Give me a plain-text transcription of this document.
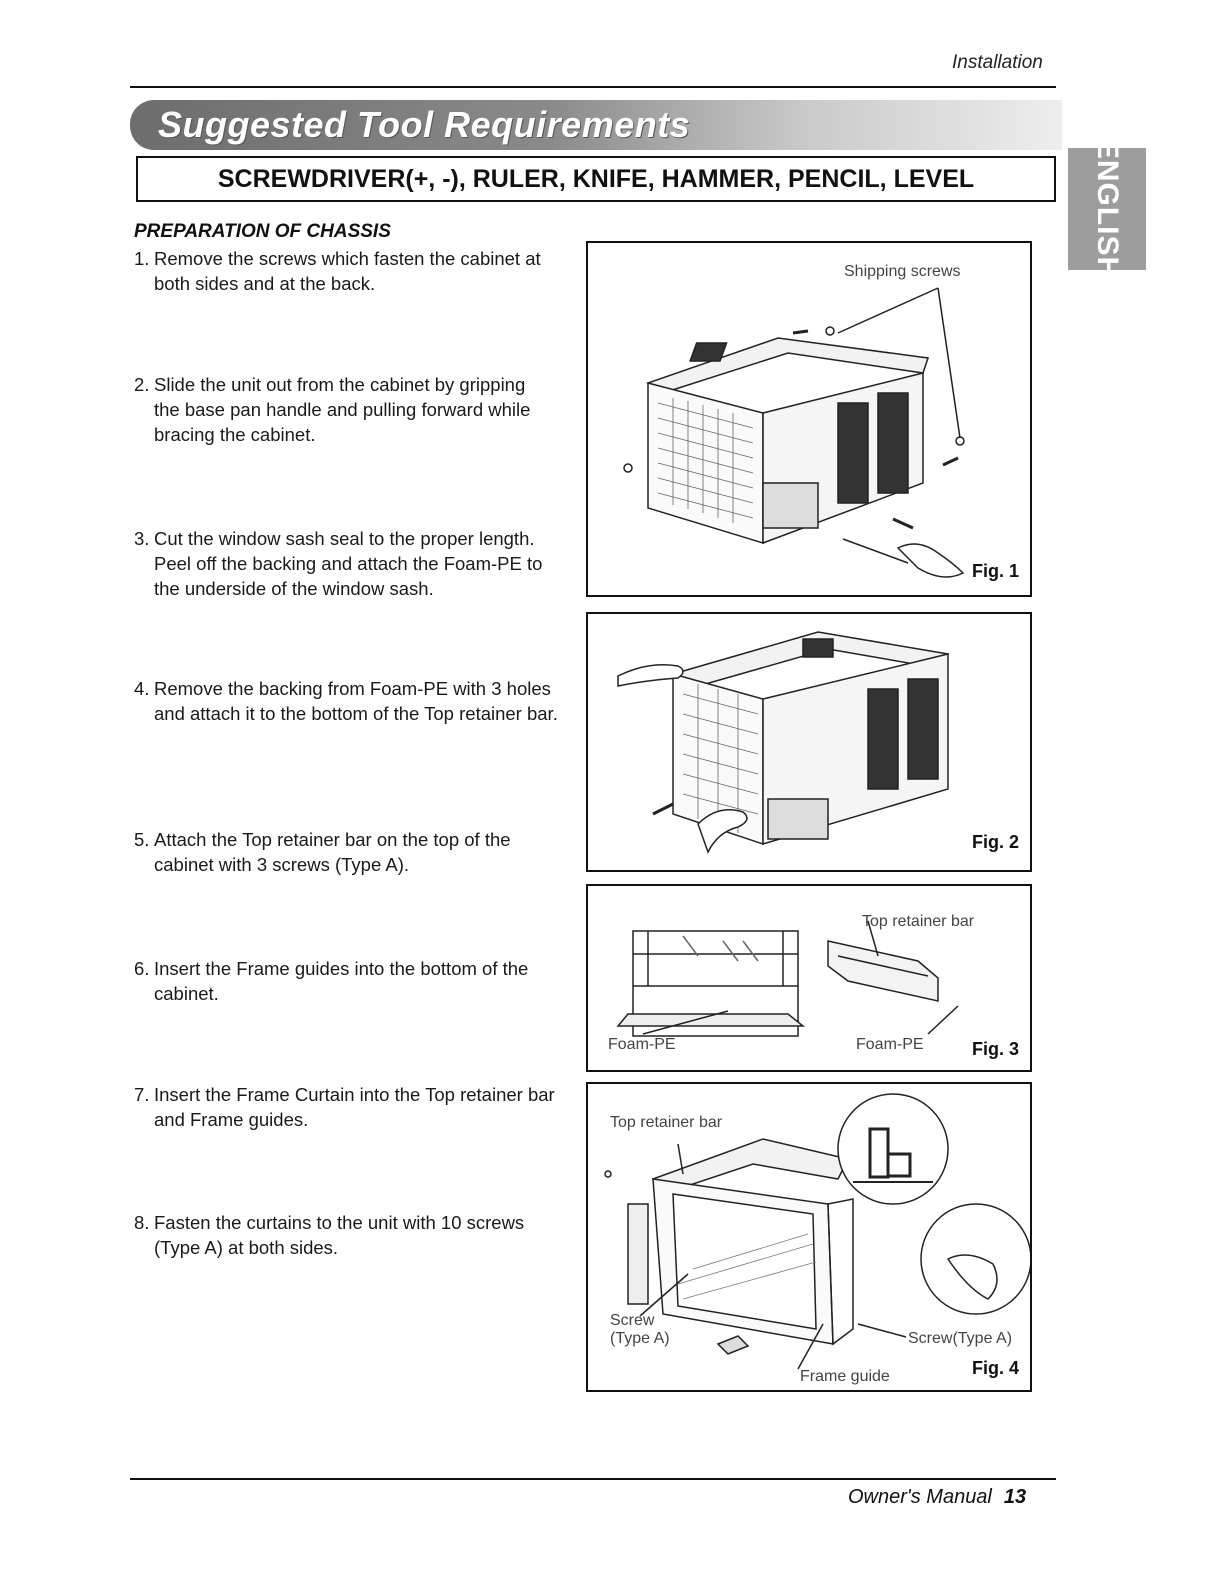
Installation
Suggested Tool Requirements
SCREWDRIVER(+, -), RULER, KNIFE, HAMMER, PENCIL, LEVEL	ENGLISH
PREPARATION OF CHASSIS
1. Remove the screws which fasten the cabinet at both sides and at the back.
2. Slide the unit out from the cabinet by gripping the base pan handle and pulling forward while bracing the cabinet.
3. Cut the window sash seal to the proper length. Peel off the backing and attach the Foam-PE to the underside of the window sash.
4. Remove the backing from Foam-PE with 3 holes and attach it to the bottom of the Top retainer bar.
5. Attach the Top retainer bar on the top of the cabinet with 3 screws (Type A).
6. Insert the Frame guides into the bottom of the cabinet.
7. Insert the Frame Curtain into the Top retainer bar and Frame guides.
8. Fasten the curtains to the unit with 10 screws (Type A) at both sides.
Shipping screws
Fig. 1
Fig. 2
Top retainer bar
Foam-PE	Foam-PE	Fig. 3
Top retainer bar
Screw
(Type A)	Screw(Type A)
Frame guide	Fig. 4
Owner's Manual 13
